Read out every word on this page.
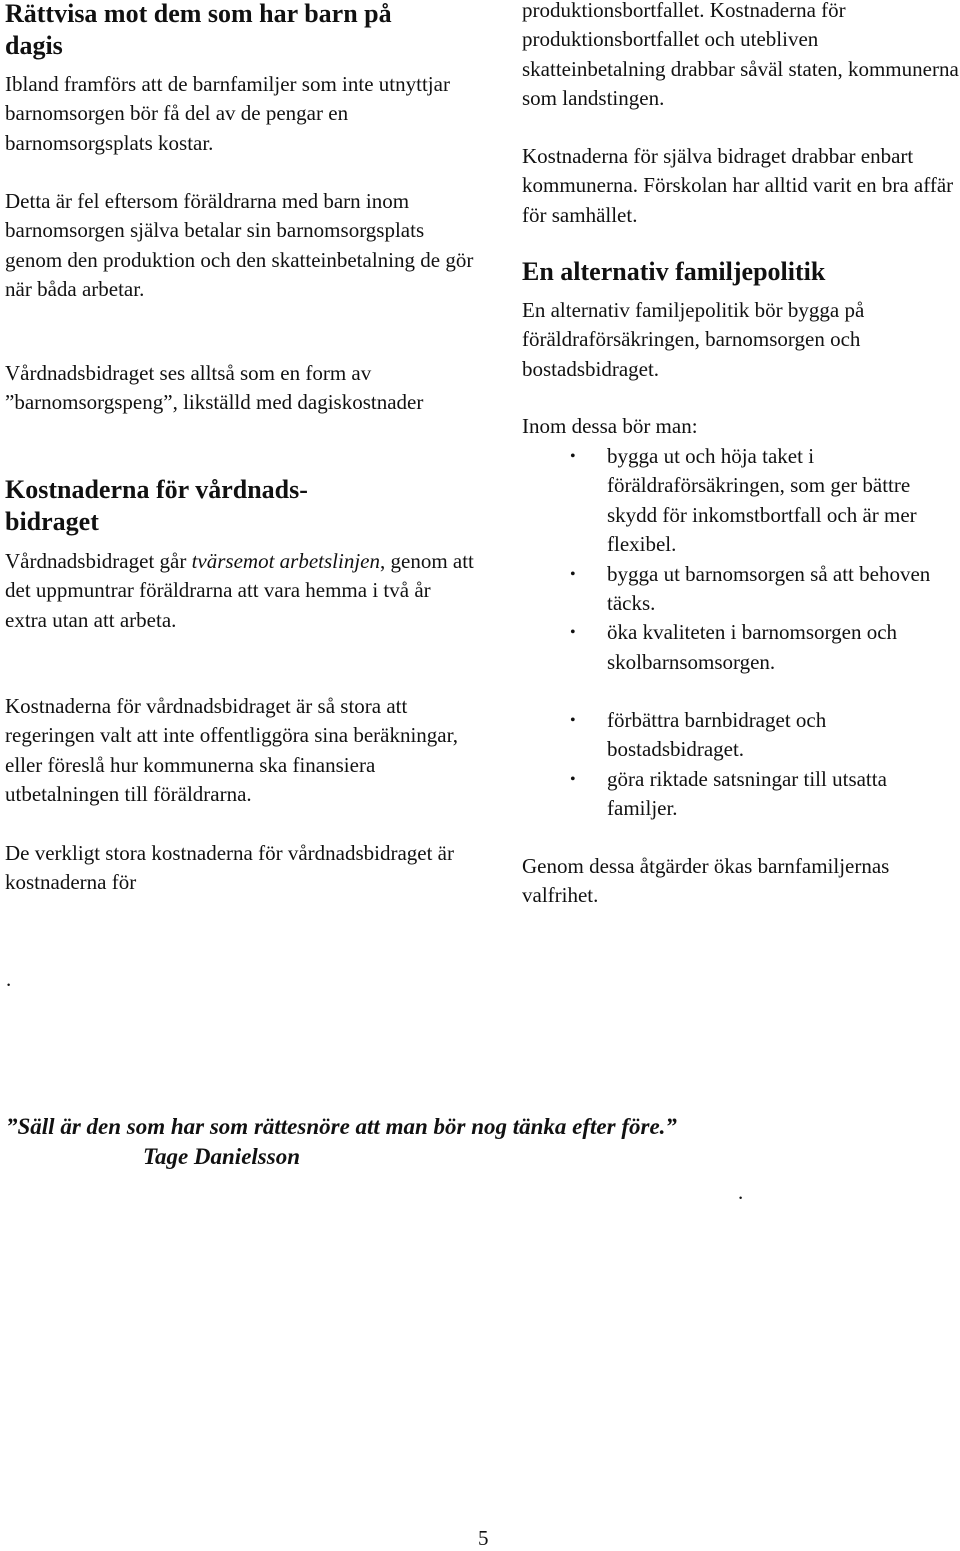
Rättvisa mot dem som har barn på dagis

Ibland framförs att de barnfamiljer som inte utnyttjar barnomsorgen bör få del av de pengar en barnomsorgsplats kostar.

Detta är fel eftersom föräldrarna med barn inom barnomsorgen själva betalar sin barnomsorgsplats genom den produktion och den skatteinbetalning de gör när båda arbetar.

Vårdnadsbidraget ses alltså som en form av ”barnomsorgspeng”, likställd med dagiskostnader

Kostnaderna för vårdnads-bidraget

Vårdnadsbidraget går tvärsemot arbetslinjen, genom att det uppmuntrar föräldrarna att vara hemma i två år extra utan att arbeta.

Kostnaderna för vårdnadsbidraget är så stora att regeringen valt att inte offentliggöra sina beräkningar, eller föreslå hur kommunerna ska finansiera utbetalningen till föräldrarna.

De verkligt stora kostnaderna för vårdnadsbidraget är kostnaderna för

produktionsbortfallet. Kostnaderna för produktionsbortfallet och utebliven skatteinbetalning drabbar såväl staten, kommunerna som landstingen.

Kostnaderna för själva bidraget drabbar enbart kommunerna. Förskolan har alltid varit en bra affär för samhället.

En alternativ familjepolitik

En alternativ familjepolitik bör bygga på föräldraförsäkringen, barnomsorgen och bostadsbidraget.

Inom dessa bör man:

• bygga ut och höja taket i föräldraförsäkringen, som ger bättre skydd för inkomstbortfall och är mer flexibel.
• bygga ut barnomsorgen så att behoven täcks.
• öka kvaliteten i barnomsorgen och skolbarnsomsorgen.
• förbättra barnbidraget och bostadsbidraget.
• göra riktade satsningar till utsatta familjer.

Genom dessa åtgärder ökas barnfamiljernas valfrihet.

.
”Säll är den som har som rättesnöre att man bör nog tänka efter före.”
Tage Danielsson
.
5
